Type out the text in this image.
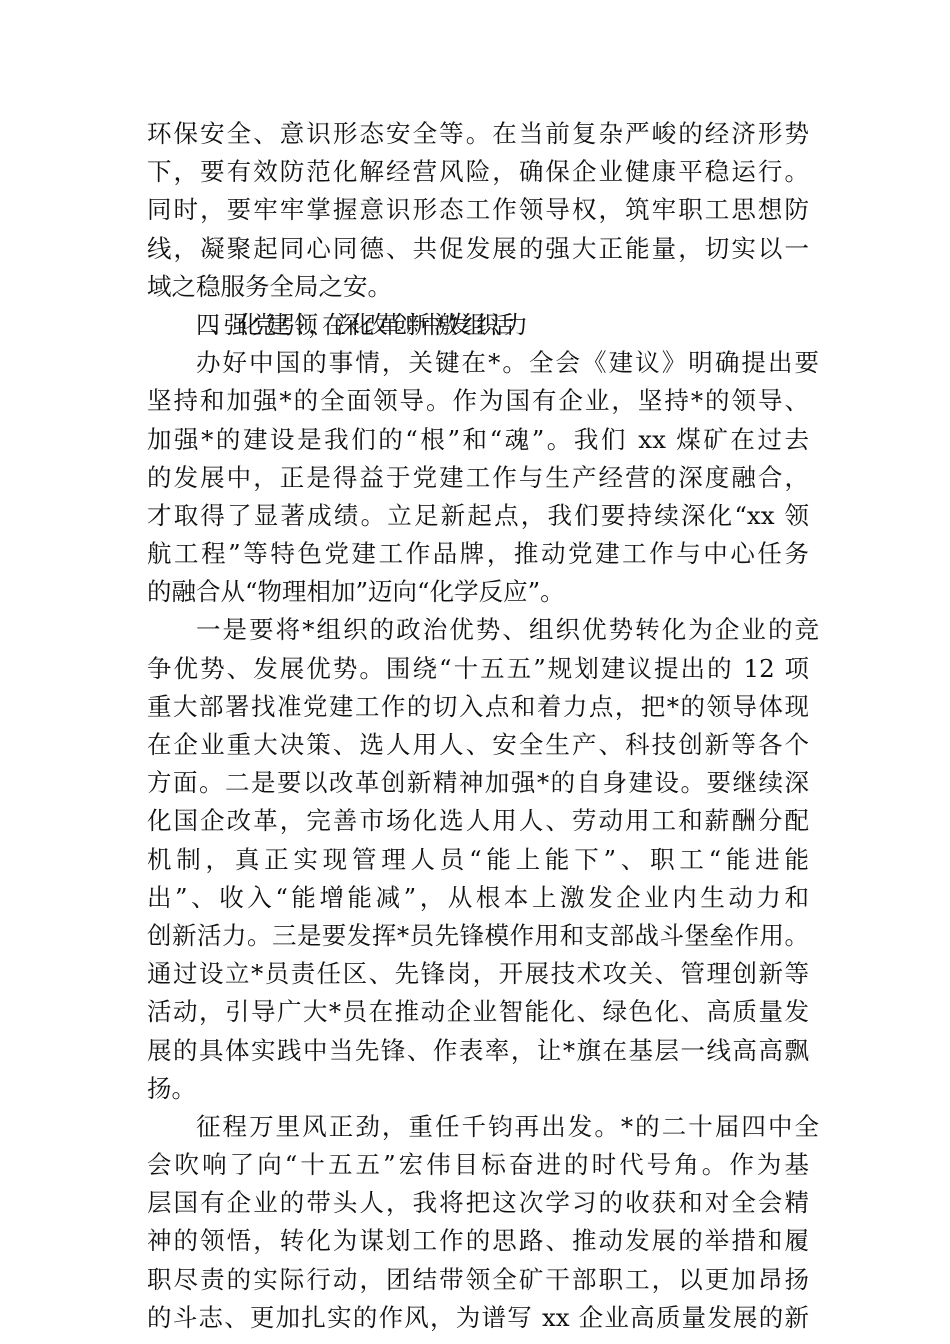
环保安全、意识形态安全等。在当前复杂严峻的经济形势
下，要有效防范化解经营风险，确保企业健康平稳运行。
同时，要牢牢掌握意识形态工作领导权，筑牢职工思想防
线，凝聚起同心同德、共促发展的强大正能量，切实以一
域之稳服务全局之安。
四、强化党建引领，在深化改革创新中激发组织活力
办好中国的事情，关键在*。全会《建议》明确提出要
坚持和加强*的全面领导。作为国有企业，坚持*的领导、
加强*的建设是我们的“根”和“魂”。我们 xx 煤矿在过去
的发展中，正是得益于党建工作与生产经营的深度融合，
才取得了显著成绩。立足新起点，我们要持续深化“xx 领
航工程”等特色党建工作品牌，推动党建工作与中心任务
的融合从“物理相加”迈向“化学反应”。
一是要将*组织的政治优势、组织优势转化为企业的竞
争优势、发展优势。围绕“十五五”规划建议提出的 12 项
重大部署找准党建工作的切入点和着力点，把*的领导体现
在企业重大决策、选人用人、安全生产、科技创新等各个
方面。二是要以改革创新精神加强*的自身建设。要继续深
化国企改革，完善市场化选人用人、劳动用工和薪酬分配
机制，真正实现管理人员“能上能下”、职工“能进能
出”、收入“能增能减”，从根本上激发企业内生动力和
创新活力。三是要发挥*员先锋模作用和支部战斗堡垒作用。
通过设立*员责任区、先锋岗，开展技术攻关、管理创新等
活动，引导广大*员在推动企业智能化、绿色化、高质量发
展的具体实践中当先锋、作表率，让*旗在基层一线高高飘
扬。
征程万里风正劲，重任千钧再出发。*的二十届四中全
会吹响了向“十五五”宏伟目标奋进的时代号角。作为基
层国有企业的带头人，我将把这次学习的收获和对全会精
神的领悟，转化为谋划工作的思路、推动发展的举措和履
职尽责的实际行动，团结带领全矿干部职工，以更加昂扬
的斗志、更加扎实的作风，为谱写 xx 企业高质量发展的新
